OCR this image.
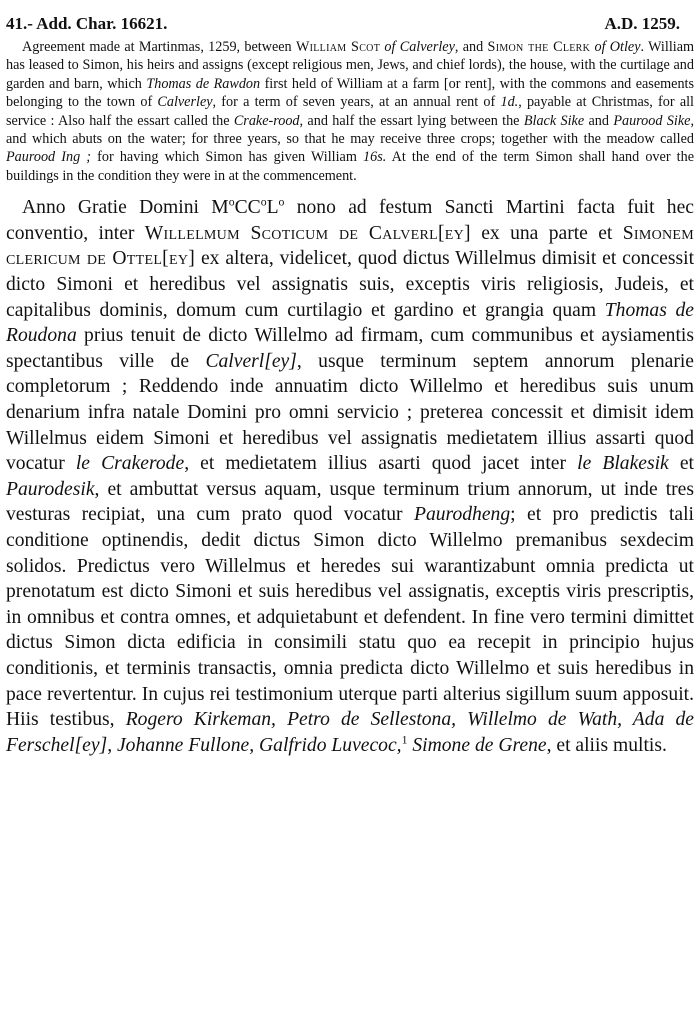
41.- Add. Char. 16621.	A.D. 1259.

Agreement made at Martinmas, 1259, between William Scot of Calverley, and Simon the Clerk of Otley. William has leased to Simon, his heirs and assigns (except religious men, Jews, and chief lords), the house, with the curtilage and garden and barn, which Thomas de Rawdon first held of William at a farm [or rent], with the commons and easements belonging to the town of Calverley, for a term of seven years, at an annual rent of 1d., payable at Christmas, for all service : Also half the essart called the Crake-rood, and half the essart lying between the Black Sike and Paurood Sike, and which abuts on the water; for three years, so that he may receive three crops; together with the meadow called Paurood Ing ; for having which Simon has given William 16s. At the end of the term Simon shall hand over the buildings in the condition they were in at the commencement.

Anno Gratie Domini $M^oCC^oL^o$ nono ad festum Sancti Martini facta fuit hec conventio, inter Willelmum Scoticum de Calverl[ey] ex una parte et Simonem clericum de Ottel[ey] ex altera, videlicet, quod dictus Willelmus dimisit et concessit dicto Simoni et heredibus vel assignatis suis, exceptis viris religiosis, Judeis, et capitalibus dominis, domum cum curtilagio et gardino et grangia quam Thomas de Roudona prius tenuit de dicto Willelmo ad firmam, cum communibus et aysiamentis spectantibus ville de Calverl[ey], usque terminum septem annorum plenarie completorum ; Reddendo inde annuatim dicto Willelmo et heredibus suis unum denarium infra natale Domini pro omni servicio ; preterea concessit et dimisit idem Willelmus eidem Simoni et heredibus vel assignatis medietatem illius assarti quod vocatur le Crakerode, et medietatem illius asarti quod jacet inter le Blakesik et Paurodesik, et ambuttat versus aquam, usque terminum trium annorum, ut inde tres vesturas recipiat, una cum prato quod vocatur Paurodheng; et pro predictis tali conditione optinendis, dedit dictus Simon dicto Willelmo premanibus sexdecim solidos. Predictus vero Willelmus et heredes sui warantizabunt omnia predicta ut prenotatum est dicto Simoni et suis heredibus vel assignatis, exceptis viris prescriptis, in omnibus et contra omnes, et adquietabunt et defendent. In fine vero termini dimittet dictus Simon dicta edificia in consimili statu quo ea recepit in principio hujus conditionis, et terminis transactis, omnia predicta dicto Willelmo et suis heredibus in pace revertentur. In cujus rei testimonium uterque parti alterius sigillum suum apposuit. Hiis testibus, Rogero Kirkeman, Petro de Sellestona, Willelmo de Wath, Ada de Ferschel[ey], Johanne Fullone, Galfrido Luvecoc,$^1$ Simone de Grene, et aliis multis.
